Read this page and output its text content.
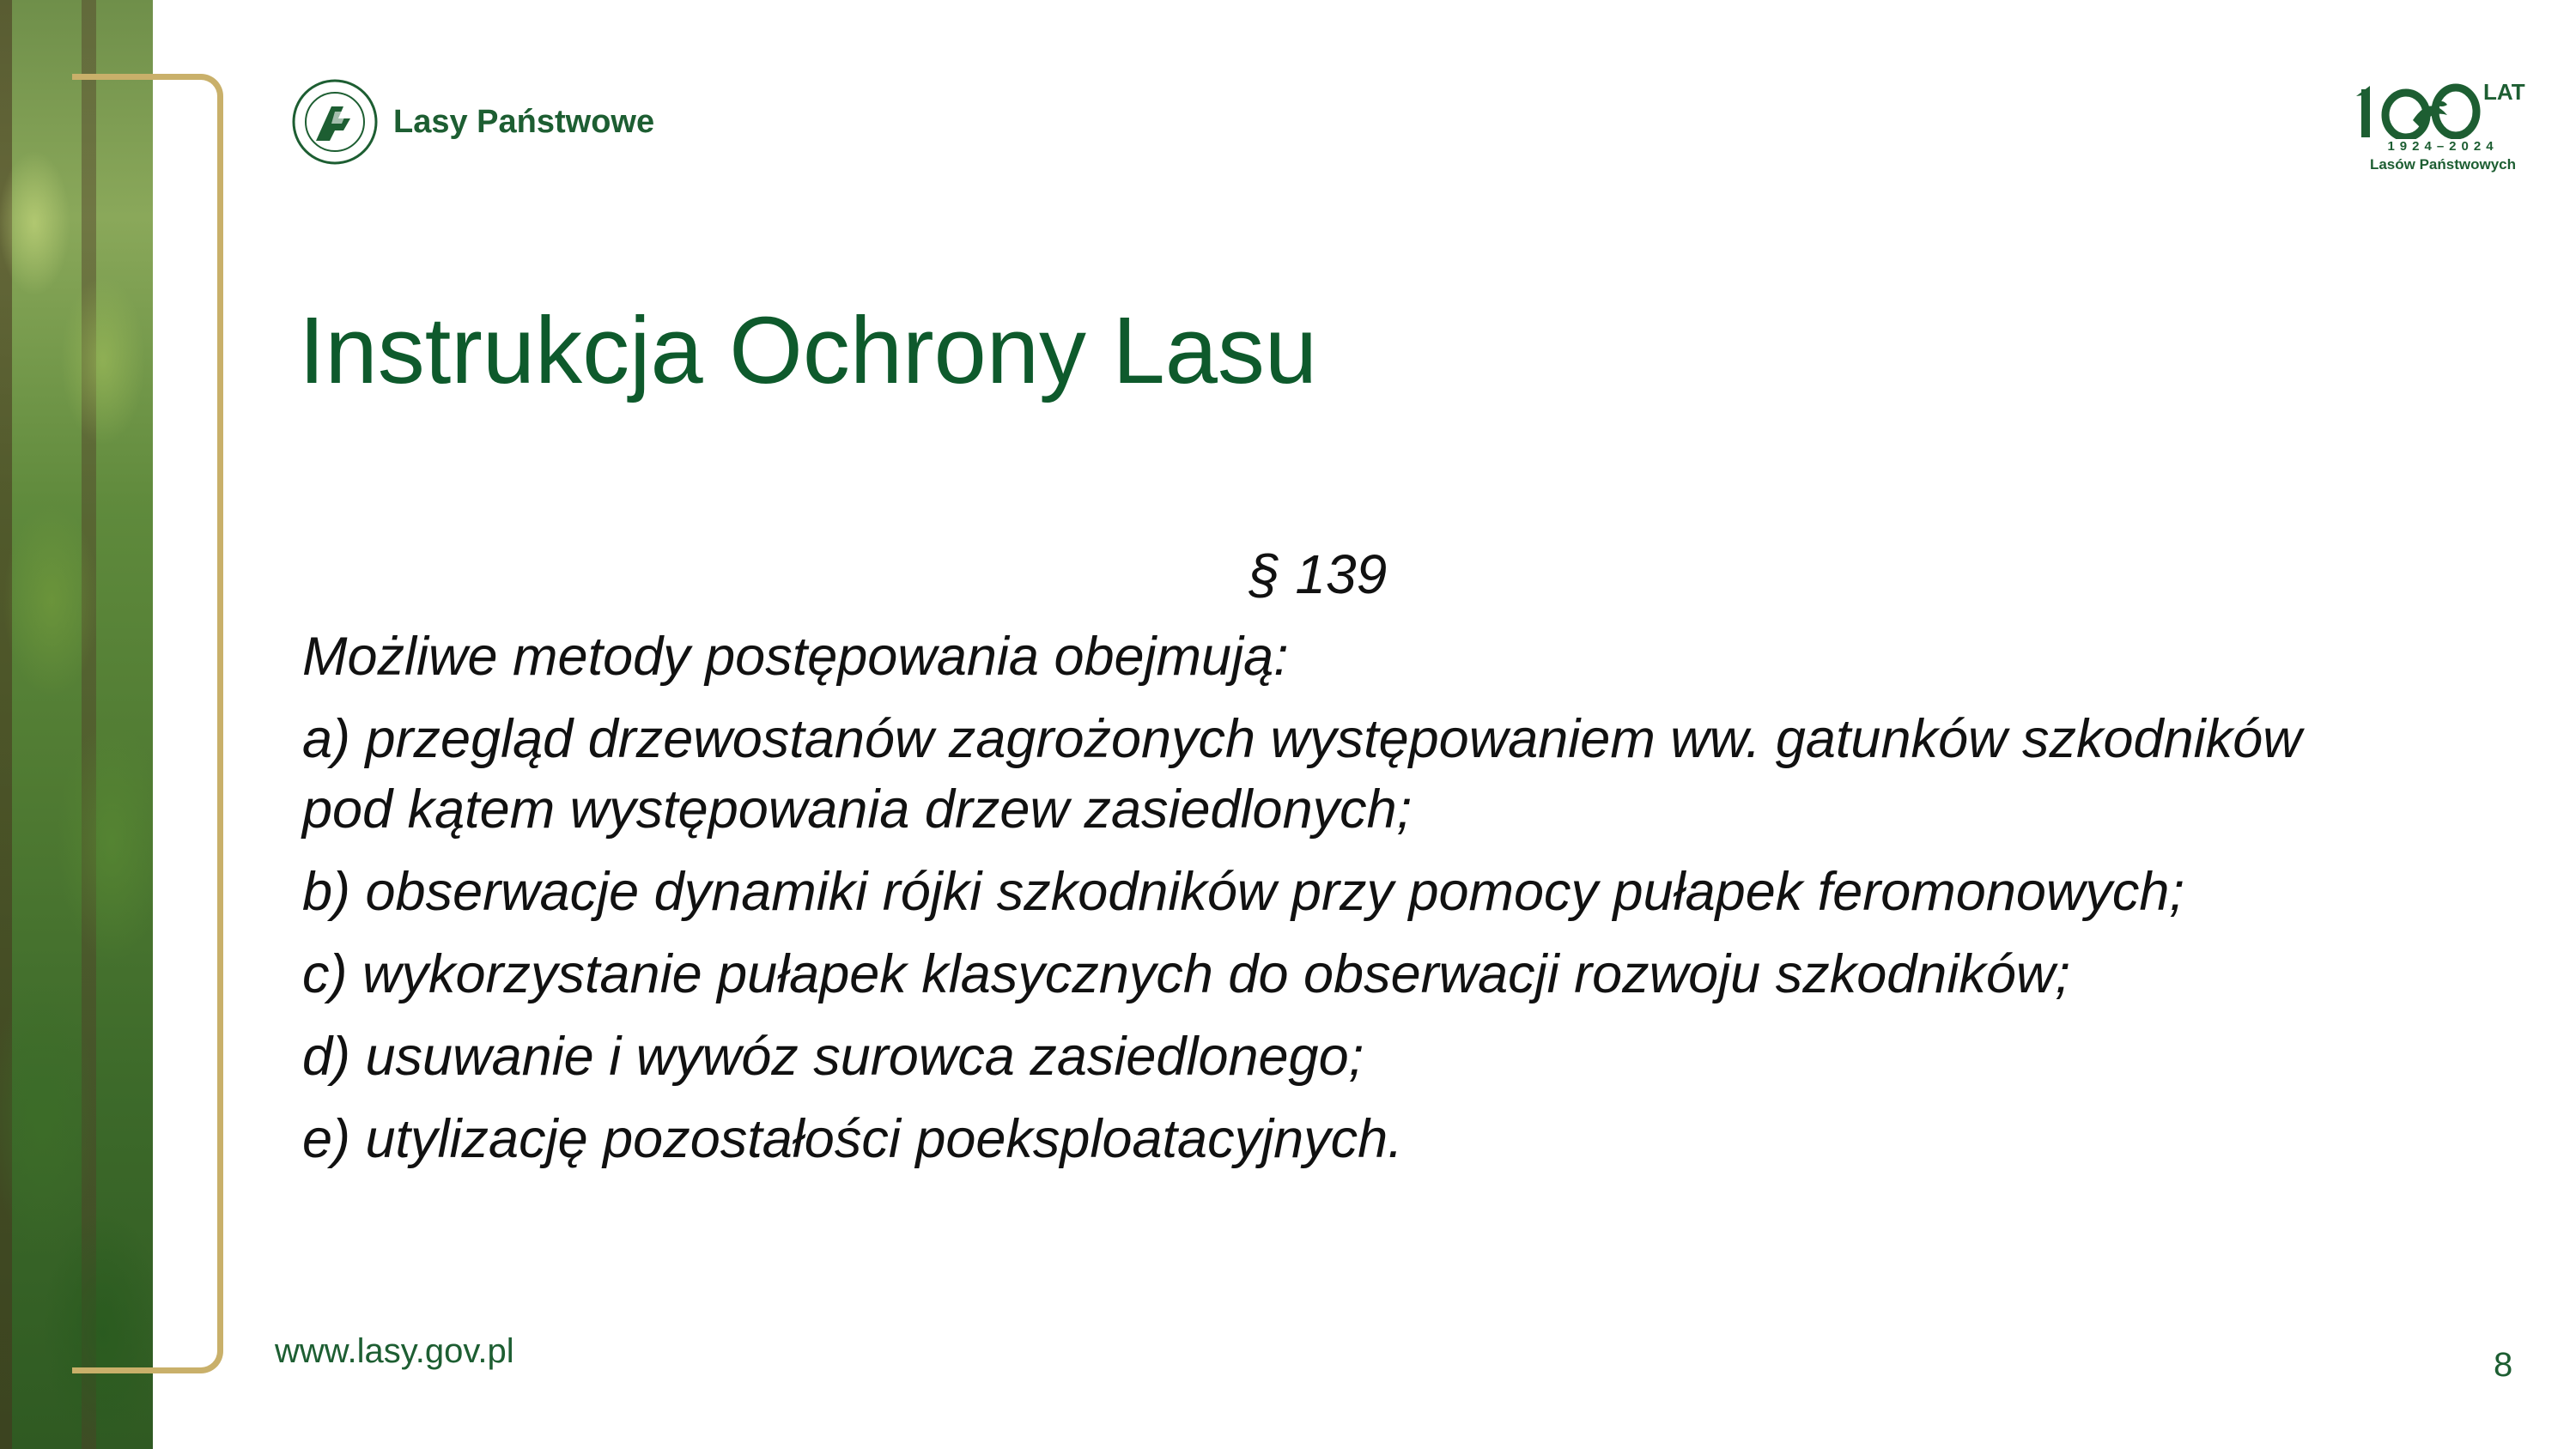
Lasy Państwowe
LAT
1924–2024
Lasów Państwowych
Instrukcja Ochrony Lasu
§ 139

Możliwe metody postępowania obejmują:

a) przegląd drzewostanów zagrożonych występowaniem ww. gatunków szkodników pod kątem występowania drzew zasiedlonych;

b) obserwacje dynamiki rójki szkodników przy pomocy pułapek feromonowych;

c) wykorzystanie pułapek klasycznych do obserwacji rozwoju szkodników;

d) usuwanie i wywóz surowca zasiedlonego;

e) utylizację pozostałości poeksploatacyjnych.

www.lasy.gov.pl	8
